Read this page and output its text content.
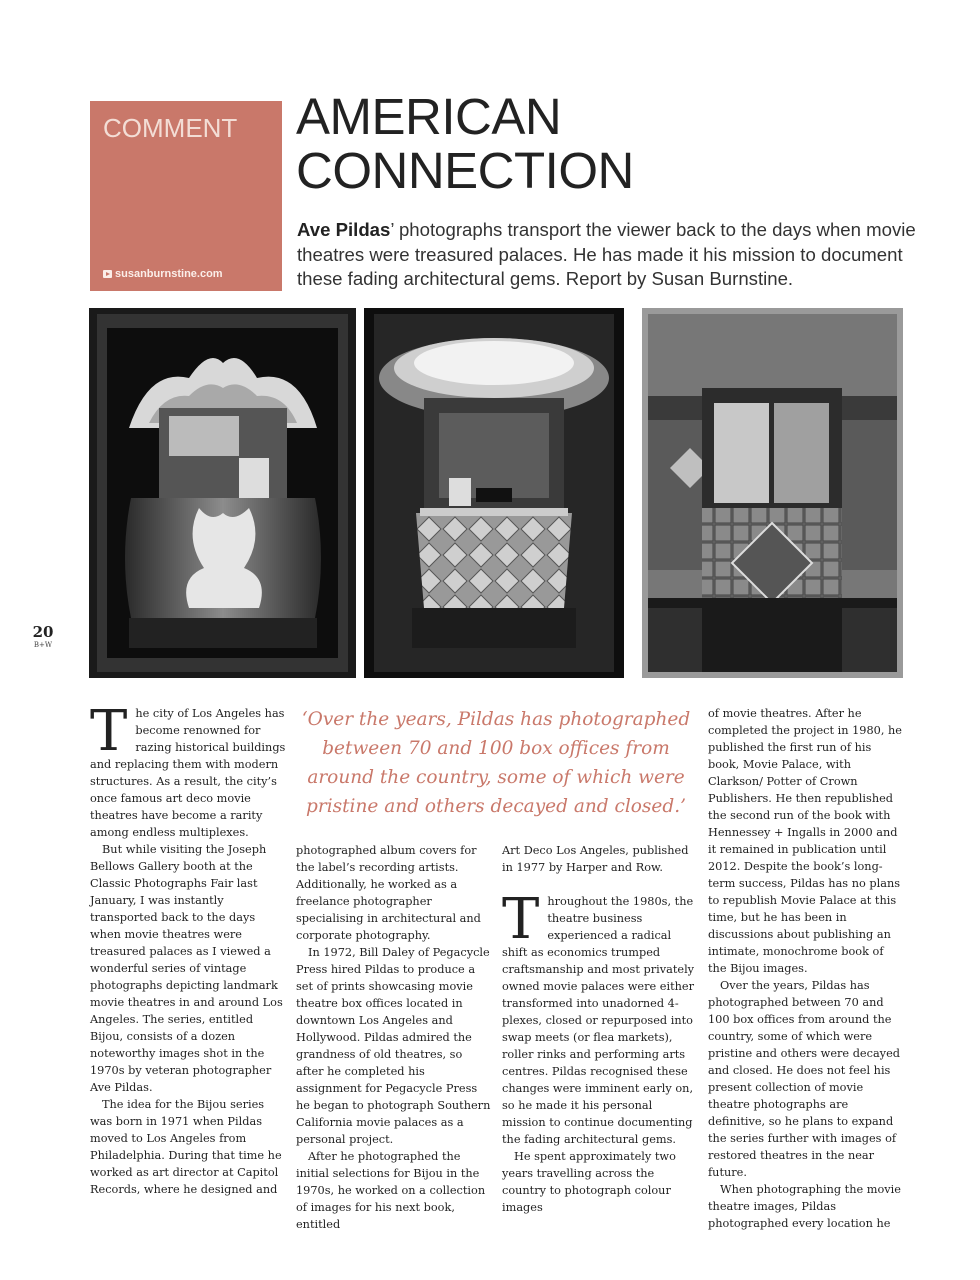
COMMENT
susanburnstine.com
AMERICAN
CONNECTION
Ave Pildas’ photographs transport the viewer back to the days when movie theatres were treasured palaces. He has made it his mission to document these fading architectural gems. Report by Susan Burnstine.
20
B+W

The city of Los Angeles has become renowned for razing historical buildings and replacing them with modern structures. As a result, the city’s once famous art deco movie theatres have become a rarity among endless multiplexes.

But while visiting the Joseph Bellows Gallery booth at the Classic Photographs Fair last January, I was instantly transported back to the days when movie theatres were treasured palaces as I viewed a wonderful series of vintage photographs depicting landmark movie theatres in and around Los Angeles. The series, entitled Bijou, consists of a dozen noteworthy images shot in the 1970s by veteran photographer Ave Pildas.

The idea for the Bijou series was born in 1971 when Pildas moved to Los Angeles from Philadelphia. During that time he worked as art director at Capitol Records, where he designed and

‘Over the years, Pildas has photographed between 70 and 100 box offices from around the country, some of which were pristine and others decayed and closed.’

photographed album covers for the label’s recording artists. Additionally, he worked as a freelance photographer specialising in architectural and corporate photography.

In 1972, Bill Daley of Pegacycle Press hired Pildas to produce a set of prints showcasing movie theatre box offices located in downtown Los Angeles and Hollywood. Pildas admired the grandness of old theatres, so after he completed his assignment for Pegacycle Press he began to photograph Southern California movie palaces as a personal project.

After he photographed the initial selections for Bijou in the 1970s, he worked on a collection of images for his next book, entitled

Art Deco Los Angeles, published in 1977 by Harper and Row.

Throughout the 1980s, the theatre business experienced a radical shift as economics trumped craftsmanship and most privately owned movie palaces were either transformed into unadorned 4-plexes, closed or repurposed into swap meets (or flea markets), roller rinks and performing arts centres. Pildas recognised these changes were imminent early on, so he made it his personal mission to continue documenting the fading architectural gems.

He spent approximately two years travelling across the country to photograph colour images

of movie theatres. After he completed the project in 1980, he published the first run of his book, Movie Palace, with Clarkson/ Potter of Crown Publishers. He then republished the second run of the book with Hennessey + Ingalls in 2000 and it remained in publication until 2012. Despite the book’s long-term success, Pildas has no plans to republish Movie Palace at this time, but he has been in discussions about publishing an intimate, monochrome book of the Bijou images.

Over the years, Pildas has photographed between 70 and 100 box offices from around the country, some of which were pristine and others were decayed and closed. He does not feel his present collection of movie theatre photographs are definitive, so he plans to expand the series further with images of restored theatres in the near future.

When photographing the movie theatre images, Pildas photographed every location he
